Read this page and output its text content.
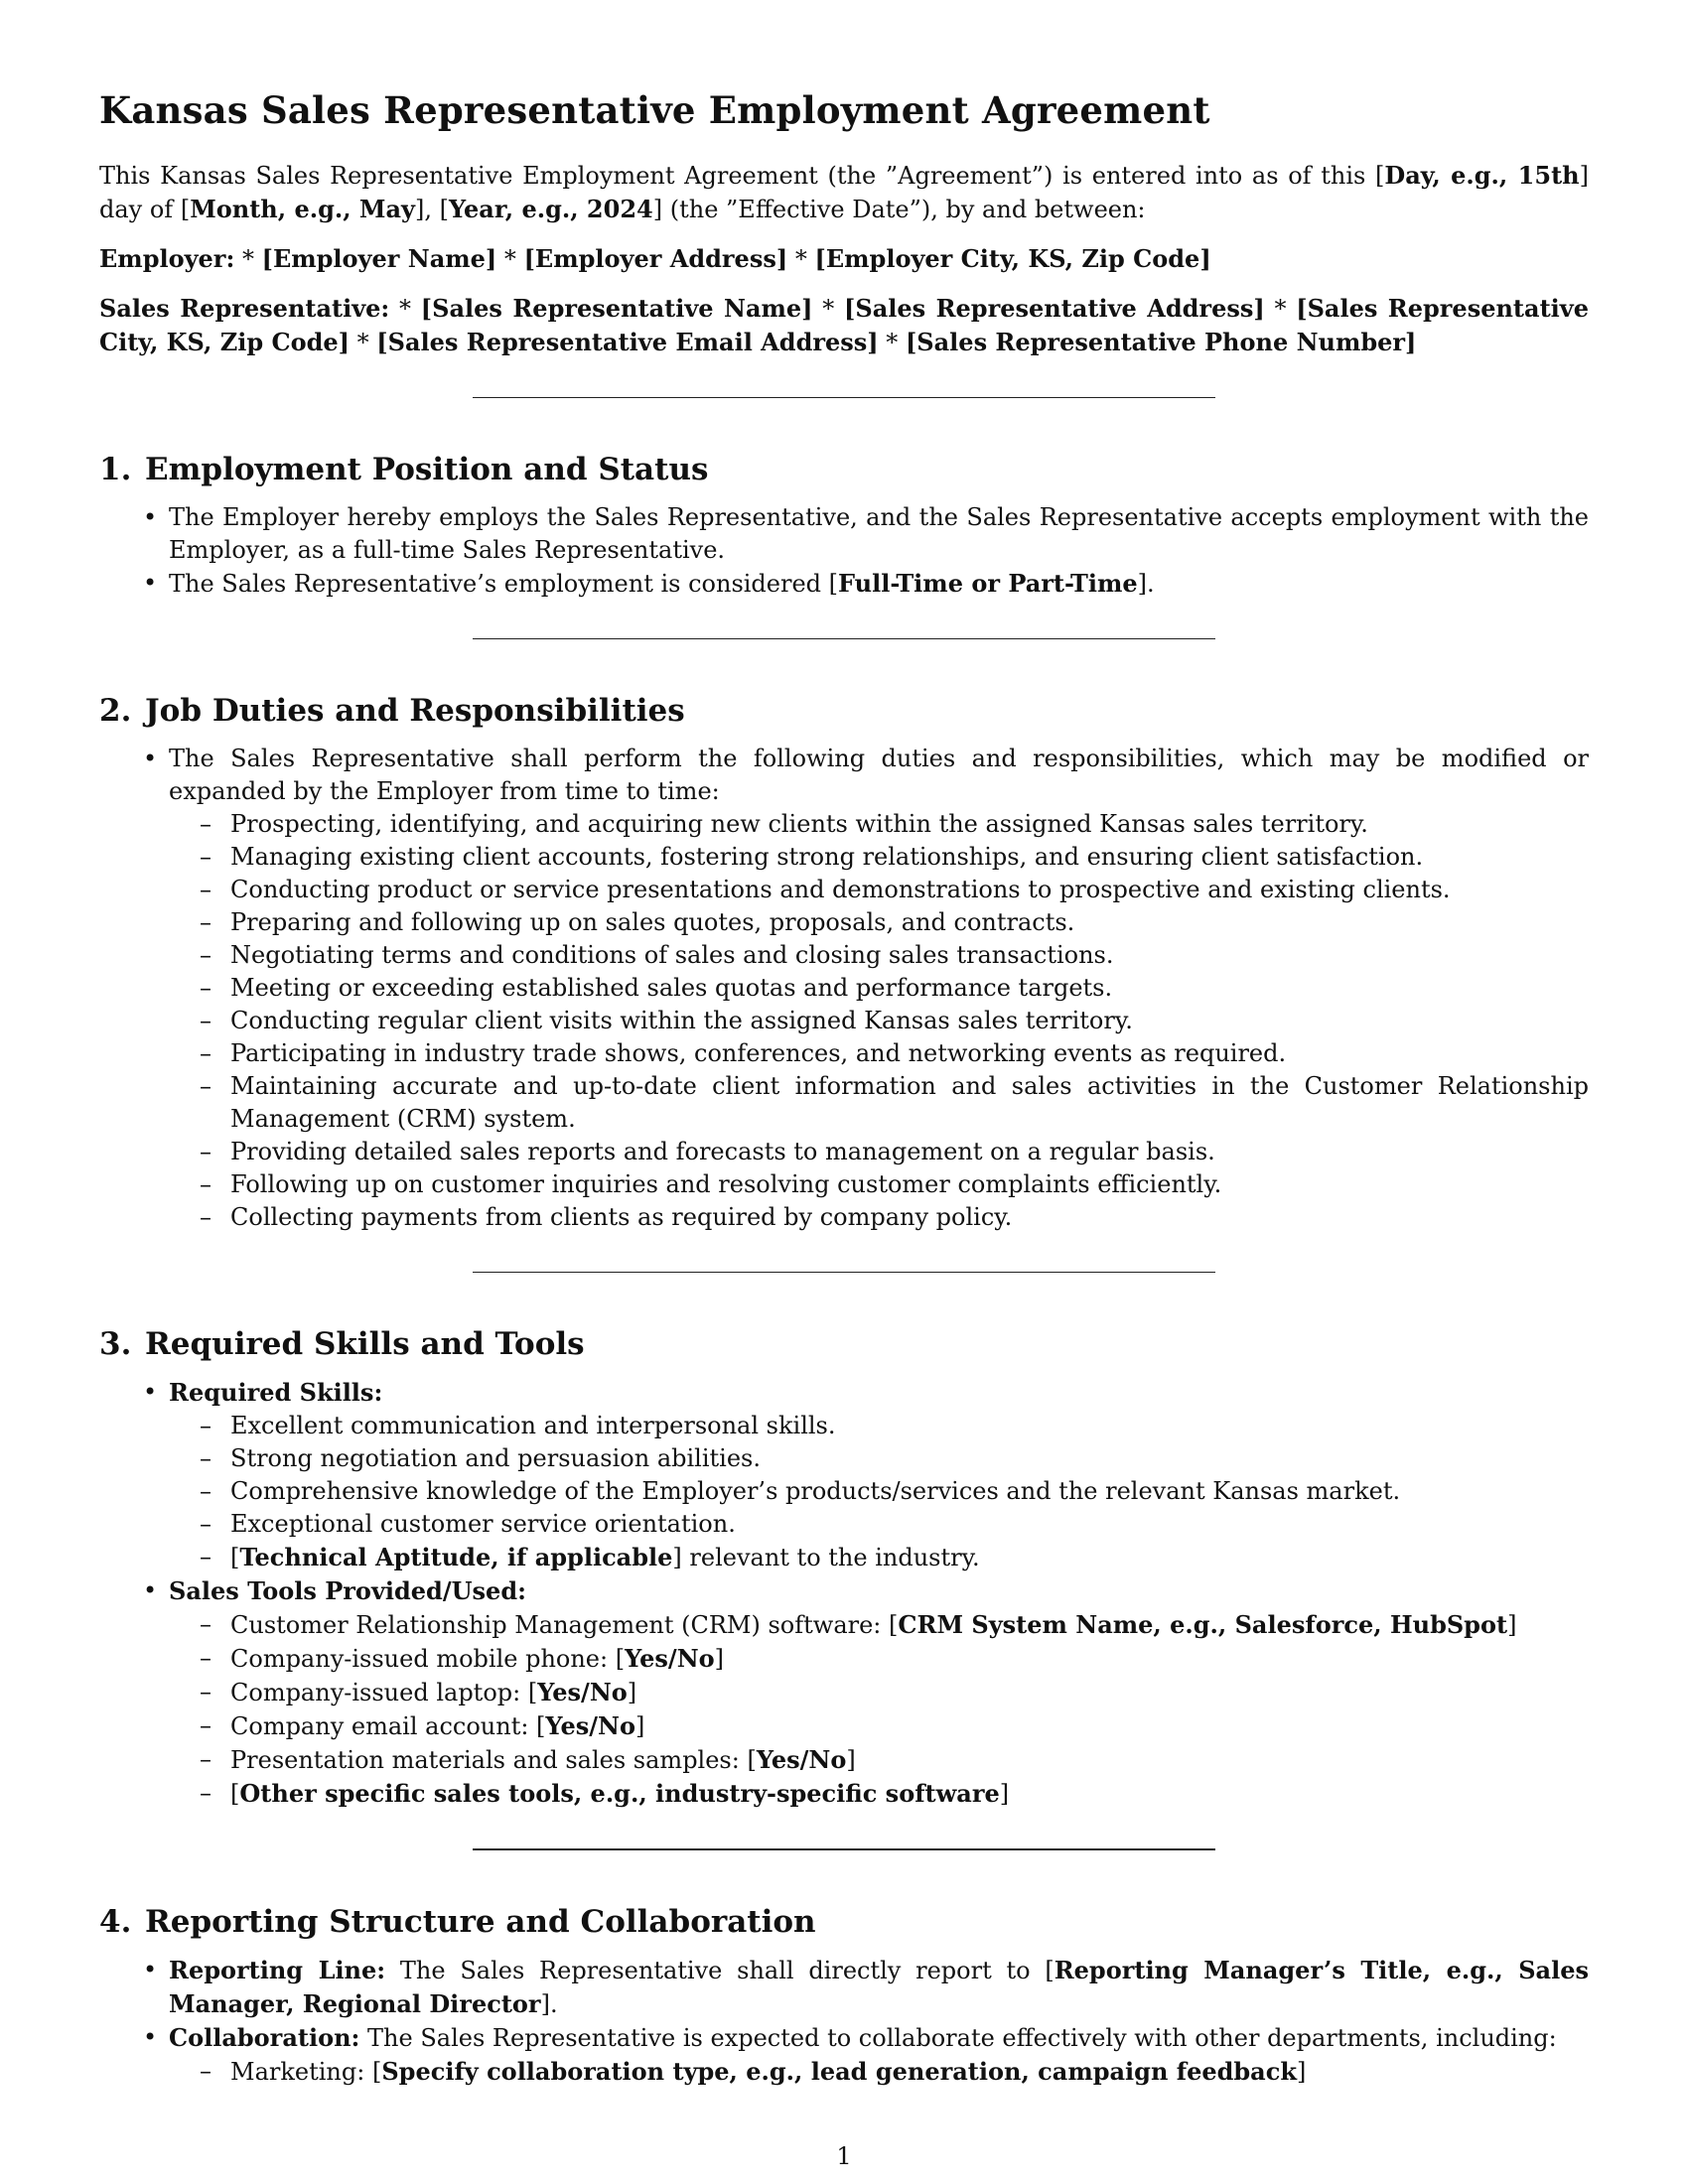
Kansas Sales Representative Employment Agreement

This Kansas Sales Representative Employment Agreement (the ”Agreement”) is entered into as of this [Day, e.g., 15th] day of [Month, e.g., May], [Year, e.g., 2024] (the ”Effective Date”), by and between:

Employer: * [Employer Name] * [Employer Address] * [Employer City, KS, Zip Code]

Sales Representative: * [Sales Representative Name] * [Sales Representative Address] * [Sales Representative City, KS, Zip Code] * [Sales Representative Email Address] * [Sales Representative Phone Number]

1. Employment Position and Status
• The Employer hereby employs the Sales Representative, and the Sales Representative accepts employment with the Employer, as a full-time Sales Representative.
• The Sales Representative’s employment is considered [Full-Time or Part-Time].
2. Job Duties and Responsibilities
• The Sales Representative shall perform the following duties and responsibilities, which may be modified or expanded by the Employer from time to time:
– Prospecting, identifying, and acquiring new clients within the assigned Kansas sales territory.
– Managing existing client accounts, fostering strong relationships, and ensuring client satisfaction.
– Conducting product or service presentations and demonstrations to prospective and existing clients.
– Preparing and following up on sales quotes, proposals, and contracts.
– Negotiating terms and conditions of sales and closing sales transactions.
– Meeting or exceeding established sales quotas and performance targets.
– Conducting regular client visits within the assigned Kansas sales territory.
– Participating in industry trade shows, conferences, and networking events as required.
– Maintaining accurate and up-to-date client information and sales activities in the Customer Relationship Management (CRM) system.
– Providing detailed sales reports and forecasts to management on a regular basis.
– Following up on customer inquiries and resolving customer complaints efficiently.
– Collecting payments from clients as required by company policy.
3. Required Skills and Tools
• Required Skills:
– Excellent communication and interpersonal skills.
– Strong negotiation and persuasion abilities.
– Comprehensive knowledge of the Employer’s products/services and the relevant Kansas market.
– Exceptional customer service orientation.
– [Technical Aptitude, if applicable] relevant to the industry.
• Sales Tools Provided/Used:
– Customer Relationship Management (CRM) software: [CRM System Name, e.g., Salesforce, HubSpot]
– Company-issued mobile phone: [Yes/No]
– Company-issued laptop: [Yes/No]
– Company email account: [Yes/No]
– Presentation materials and sales samples: [Yes/No]
– [Other specific sales tools, e.g., industry-specific software]
4. Reporting Structure and Collaboration
• Reporting Line: The Sales Representative shall directly report to [Reporting Manager’s Title, e.g., Sales Manager, Regional Director].
• Collaboration: The Sales Representative is expected to collaborate effectively with other departments, including:
– Marketing: [Specify collaboration type, e.g., lead generation, campaign feedback]
1
